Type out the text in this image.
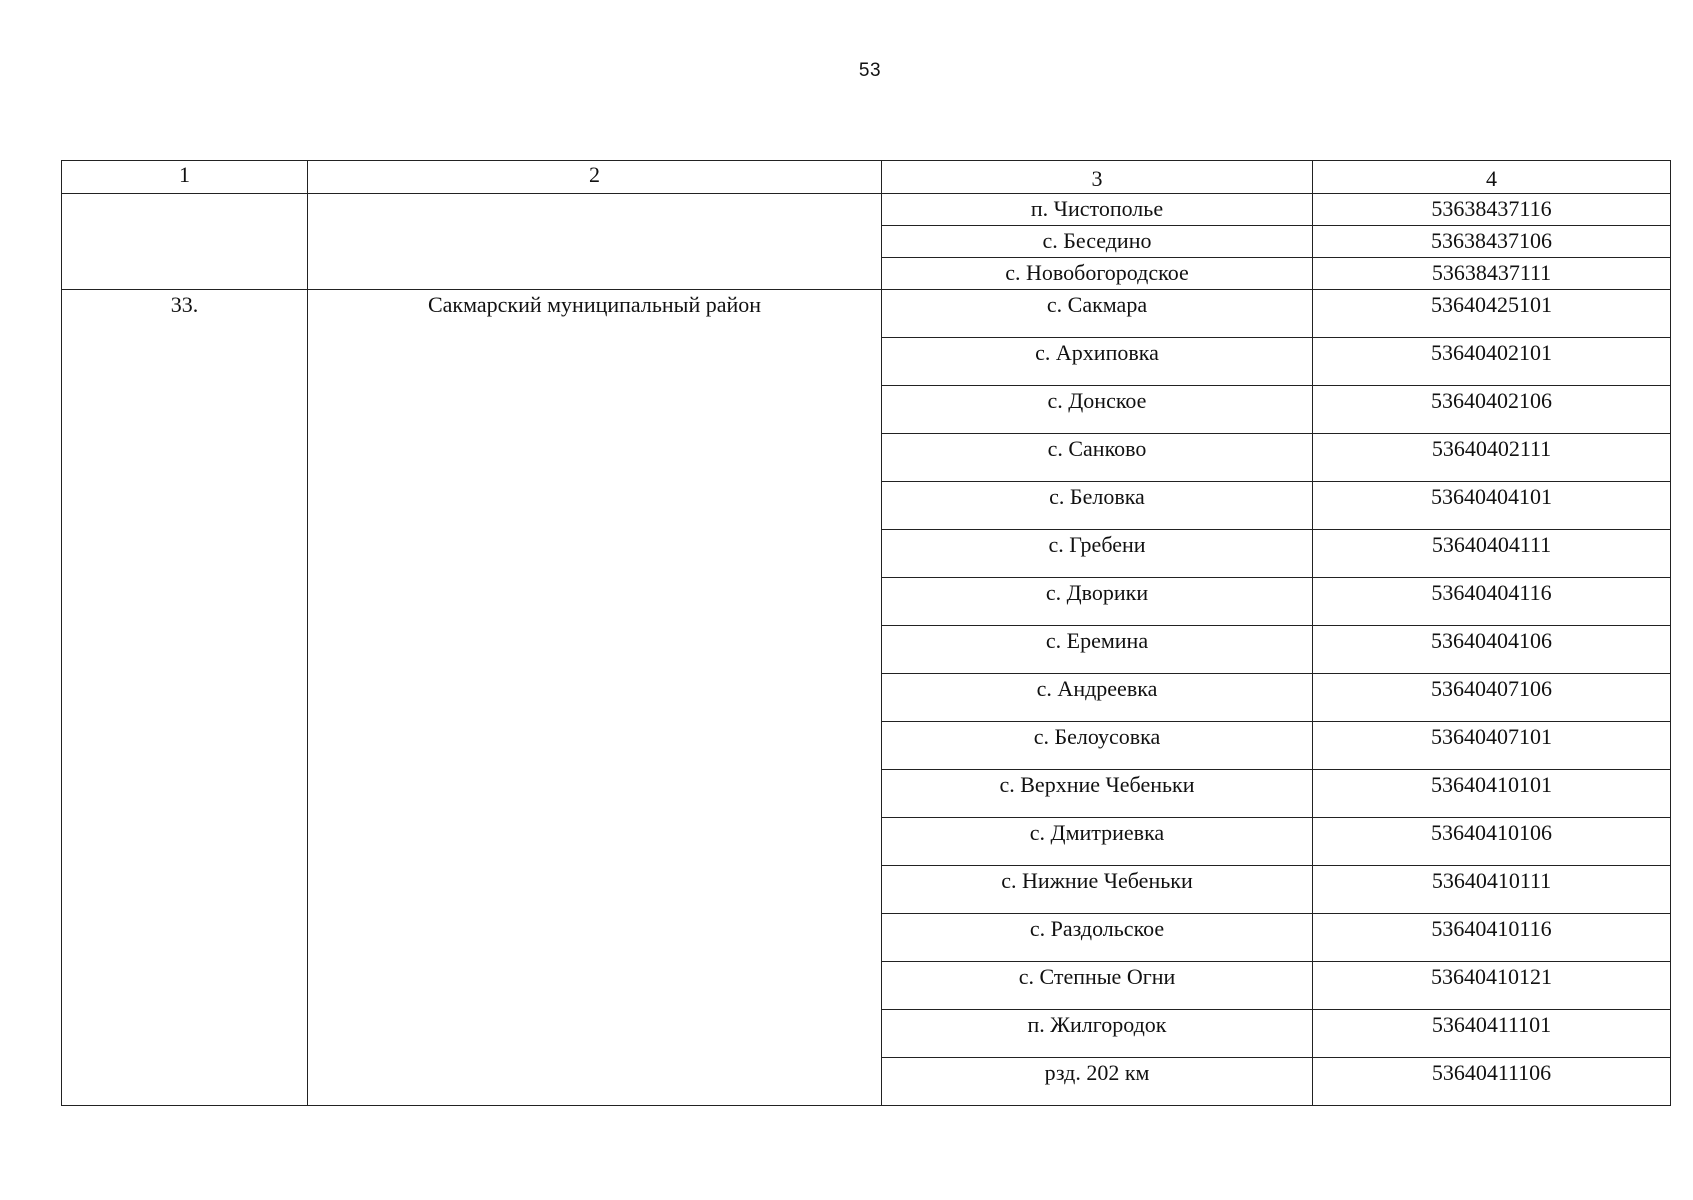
53
1	2	3	4
		п. Чистополье	53638437116
		с. Беседино	53638437106
		с. Новобогородское	53638437111
33.	Сакмарский муниципальный район	с. Сакмара	53640425101
		с. Архиповка	53640402101
		с. Донское	53640402106
		с. Санково	53640402111
		с. Беловка	53640404101
		с. Гребени	53640404111
		с. Дворики	53640404116
		с. Еремина	53640404106
		с. Андреевка	53640407106
		с. Белоусовка	53640407101
		с. Верхние Чебеньки	53640410101
		с. Дмитриевка	53640410106
		с. Нижние Чебеньки	53640410111
		с. Раздольское	53640410116
		с. Степные Огни	53640410121
		п. Жилгородок	53640411101
		рзд. 202 км	53640411106
